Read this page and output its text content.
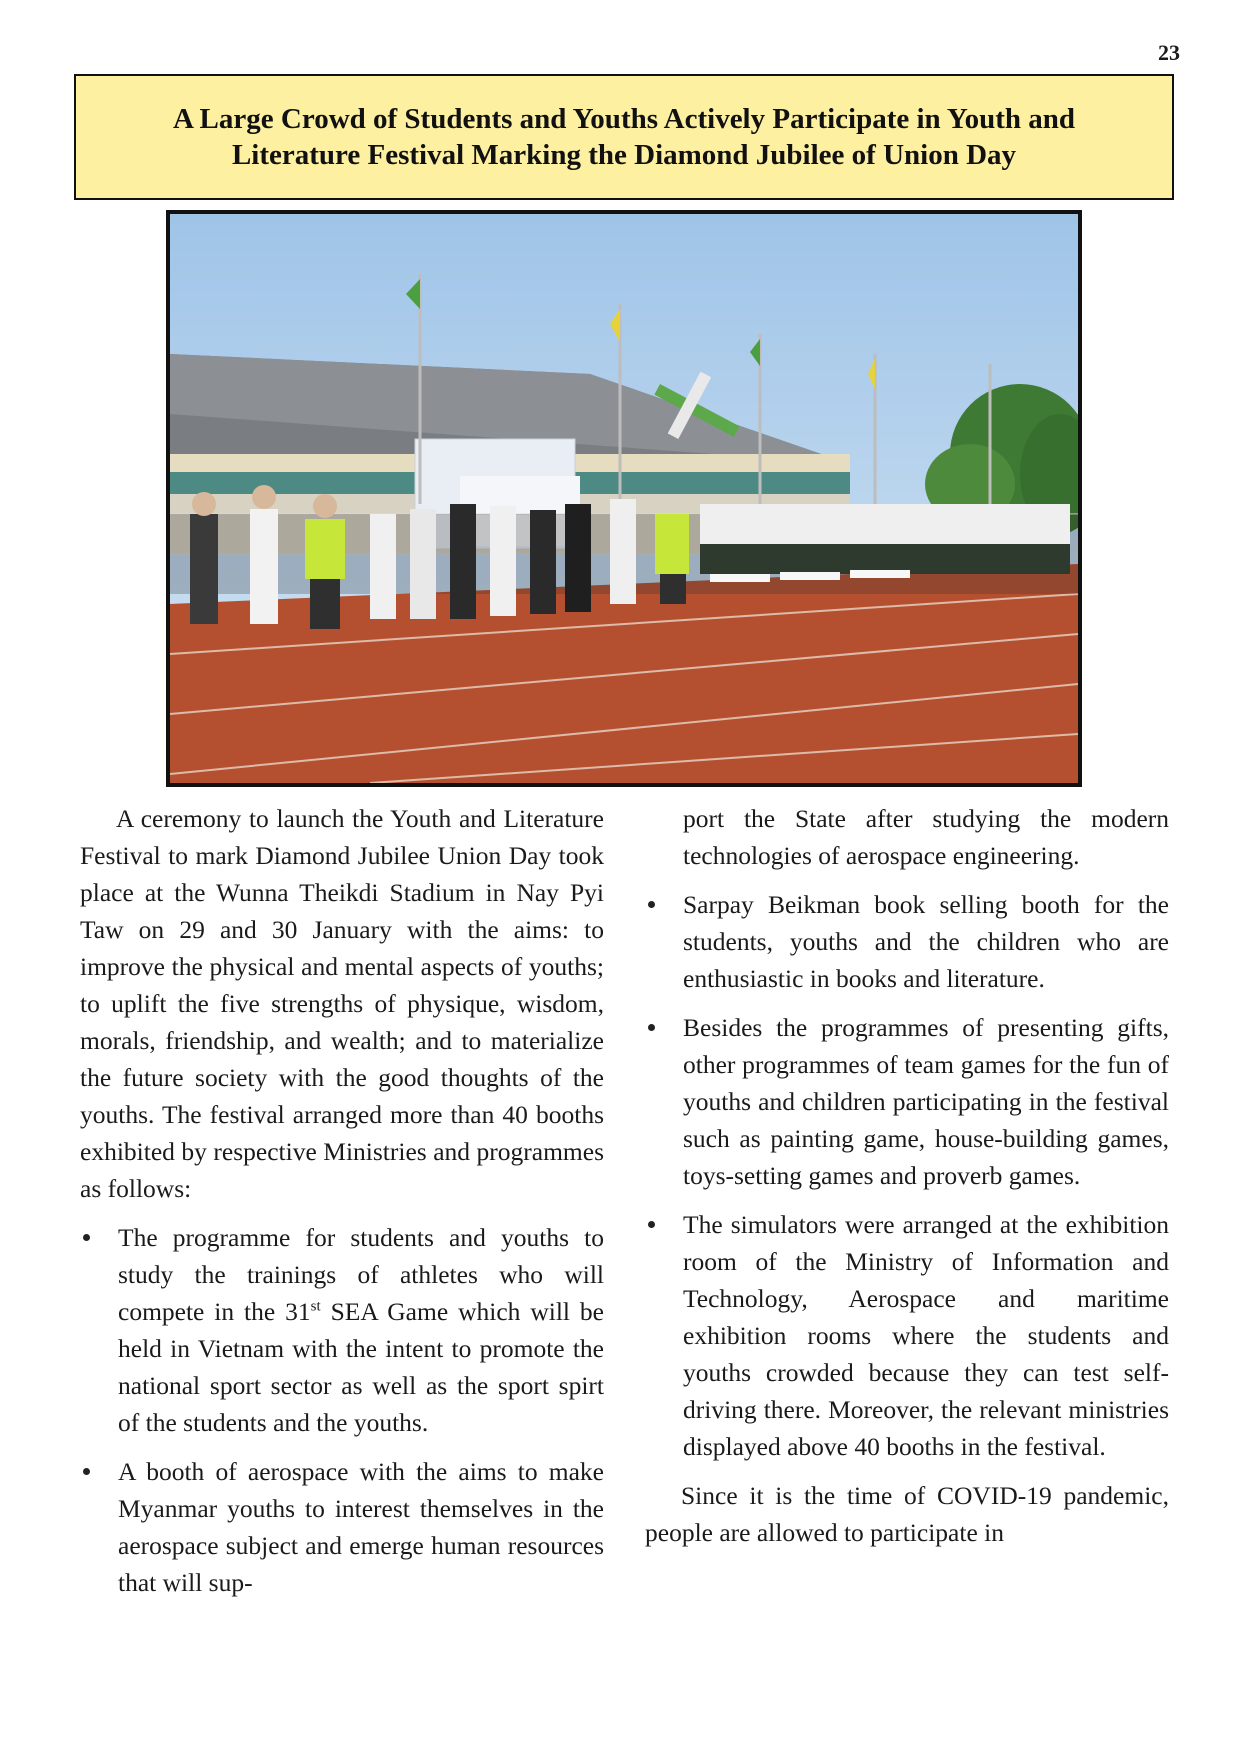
23
A Large Crowd of Students and Youths Actively Participate in Youth and
Literature Festival Marking the Diamond Jubilee of Union Day

A ceremony to launch the Youth and Literature Festival to mark Diamond Jubilee Union Day took place at the Wunna Theikdi Stadium in Nay Pyi Taw on 29 and 30 January with the aims: to improve the physical and mental aspects of youths; to uplift the five strengths of physique, wisdom, morals, friendship, and wealth; and to materialize the future society with the good thoughts of the youths. The festival arranged more than 40 booths exhibited by respective Ministries and programmes as follows:

The programme for students and youths to study the trainings of athletes who will compete in the 31st SEA Game which will be held in Vietnam with the intent to promote the national sport sector as well as the sport spirt of the students and the youths.
A booth of aerospace with the aims to make Myanmar youths to interest themselves in the aerospace subject and emerge human resources that will sup-

port the State after studying the modern technologies of aerospace engineering.

Sarpay Beikman book selling booth for the students, youths and the children who are enthusiastic in books and literature.
Besides the programmes of presenting gifts, other programmes of team games for the fun of youths and children participating in the festival such as painting game, house-building games, toys-setting games and proverb games.
The simulators were arranged at the exhibition room of the Ministry of Information and Technology, Aerospace and maritime exhibition rooms where the students and youths crowded because they can test self-driving there. Moreover, the relevant ministries displayed above 40 booths in the festival.

Since it is the time of COVID-19 pandemic, people are allowed to participate in
